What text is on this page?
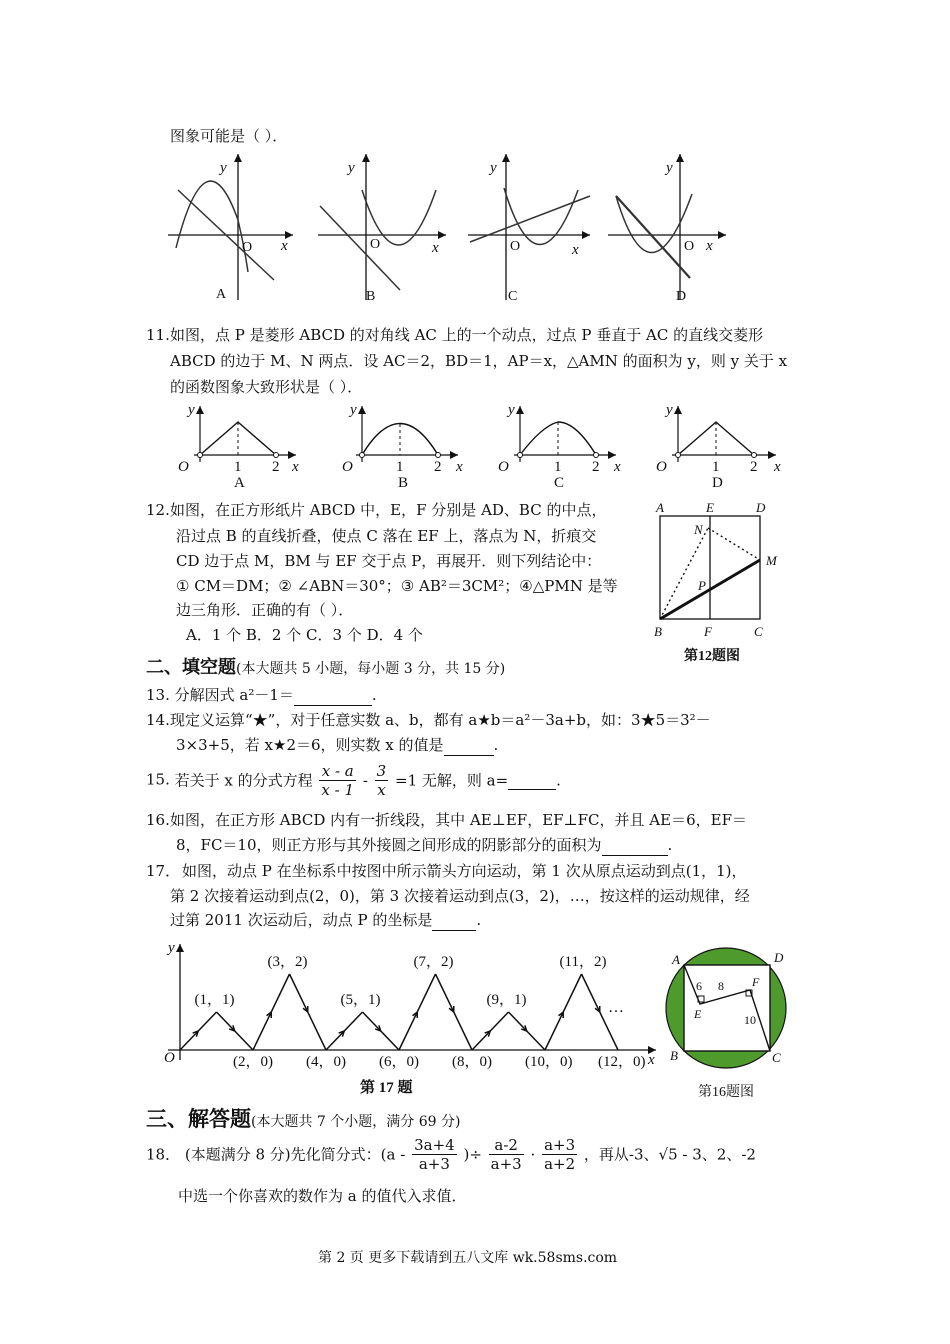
图象可能是（ ）．
y
x
O
A
y
x
O
B
y
x
O
C
y
x
O
D
11. 如图，点 P 是菱形 ABCD 的对角线 AC 上的一个动点，过点 P 垂直于 AC 的直线交菱形
ABCD 的边于 M、N 两点．设 AC＝2，BD＝1，AP＝x，△AMN 的面积为 y，则 y 关于 x
的函数图象大致形状是（ ）．
y
O	1 2 x
A
y
O	1 2 x
B
y
O	1 2 x
C
y
O	1 2 x
D
12. 如图，在正方形纸片 ABCD 中，E，F 分别是 AD、BC 的中点，
沿过点 B 的直线折叠，使点 C 落在 EF 上，落点为 N，折痕交
CD 边于点 M，BM 与 EF 交于点 P，再展开．则下列结论中：
① CM＝DM；② ∠ABN＝30°；③ AB²＝3CM²；④△PMN 是等
边三角形．正确的有（ ）．
A．1 个 B．2 个 C．3 个 D．4 个
A	E	D
N
M
P
B	F	C
第12题图
二、填空题(本大题共 5 小题，每小题 3 分，共 15 分)
13. 分解因式 a²－1＝	.
14. 现定义运算“★”，对于任意实数 a、b，都有 a★b＝a²－3a+b，如：3★5＝3²－
3×3+5，若 x★2＝6，则实数 x 的值是	.
15. 若关于 x 的分式方程 $\frac{x - a}{x - 1} - \frac{3}{x} =1$ 无解，则 a=	.
16. 如图，在正方形 ABCD 内有一折线段，其中 AE⊥EF，EF⊥FC，并且 AE＝6，EF＝
8，FC＝10，则正方形与其外接圆之间形成的阴影部分的面积为	.
17． 如图，动点 P 在坐标系中按图中所示箭头方向运动，第 1 次从原点运动到点(1，1)，
第 2 次接着运动到点(2，0)，第 3 次接着运动到点(3，2)，…，按这样的运动规律，经
过第 2011 次运动后，动点 P 的坐标是	.
y
x
O
(1，1)
(3，2)
(5，1)
(7，2)
(9，1)
(11，2)
(2，0) (4，0) (6，0) (8，0) (10，0) (12，0)
…
第 17 题
A	D
B	C
E
F
6 8
10
第16题图
三、解答题(本大题共 7 个小题，满分 69 分)
18． (本题满分 8 分)先化简分式：($a - \frac{3a+4}{a+3}$ )÷ $\frac{a-2}{a+3} \cdot \frac{a+3}{a+2}$ ，再从-3、√5 - 3、2、-2
中选一个你喜欢的数作为 a 的值代入求值．
第 2 页 更多下载请到五八文库 wk.58sms.com
